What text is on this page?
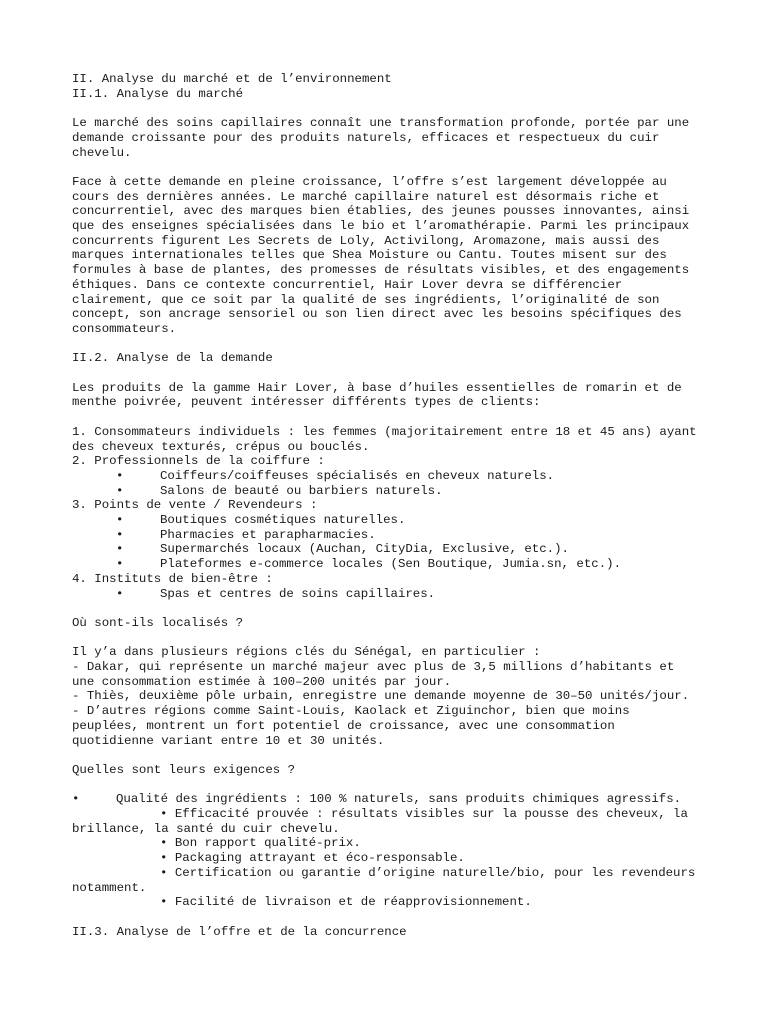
II. Analyse du marché et de l’environnement
II.1. Analyse du marché
Le marché des soins capillaires connaît une transformation profonde, portée par une demande croissante pour des produits naturels, efficaces et respectueux du cuir chevelu.
Face à cette demande en pleine croissance, l’offre s’est largement développée au cours des dernières années. Le marché capillaire naturel est désormais riche et concurrentiel, avec des marques bien établies, des jeunes pousses innovantes, ainsi que des enseignes spécialisées dans le bio et l’aromathérapie. Parmi les principaux concurrents figurent Les Secrets de Loly, Activilong, Aromazone, mais aussi des marques internationales telles que Shea Moisture ou Cantu. Toutes misent sur des formules à base de plantes, des promesses de résultats visibles, et des engagements éthiques. Dans ce contexte concurrentiel, Hair Lover devra se différencier clairement, que ce soit par la qualité de ses ingrédients, l’originalité de son concept, son ancrage sensoriel ou son lien direct avec les besoins spécifiques des consommateurs.
II.2. Analyse de la demande
Les produits de la gamme Hair Lover, à base d’huiles essentielles de romarin et de menthe poivrée, peuvent intéresser différents types de clients:
1. Consommateurs individuels : les femmes (majoritairement entre 18 et 45 ans) ayant des cheveux texturés, crépus ou bouclés.
2. Professionnels de la coiffure :
•	Coiffeurs/coiffeuses spécialisés en cheveux naturels.
•	Salons de beauté ou barbiers naturels.
3. Points de vente / Revendeurs :
•	Boutiques cosmétiques naturelles.
•	Pharmacies et parapharmacies.
•	Supermarchés locaux (Auchan, CityDia, Exclusive, etc.).
•	Plateformes e-commerce locales (Sen Boutique, Jumia.sn, etc.).
4. Instituts de bien-être :
•	Spas et centres de soins capillaires.
Où sont-ils localisés ?
Il y’a dans plusieurs régions clés du Sénégal, en particulier :
- Dakar, qui représente un marché majeur avec plus de 3,5 millions d’habitants et une consommation estimée à 100–200 unités par jour.
- Thiès, deuxième pôle urbain, enregistre une demande moyenne de 30–50 unités/jour.
- D’autres régions comme Saint-Louis, Kaolack et Ziguinchor, bien que moins peuplées, montrent un fort potentiel de croissance, avec une consommation quotidienne variant entre 10 et 30 unités.
Quelles sont leurs exigences ?
•	Qualité des ingrédients : 100 % naturels, sans produits chimiques agressifs.
• Efficacité prouvée : résultats visibles sur la pousse des cheveux, la brillance, la santé du cuir chevelu.
• Bon rapport qualité-prix.
• Packaging attrayant et éco-responsable.
• Certification ou garantie d’origine naturelle/bio, pour les revendeurs notamment.
• Facilité de livraison et de réapprovisionnement.
II.3. Analyse de l’offre et de la concurrence
